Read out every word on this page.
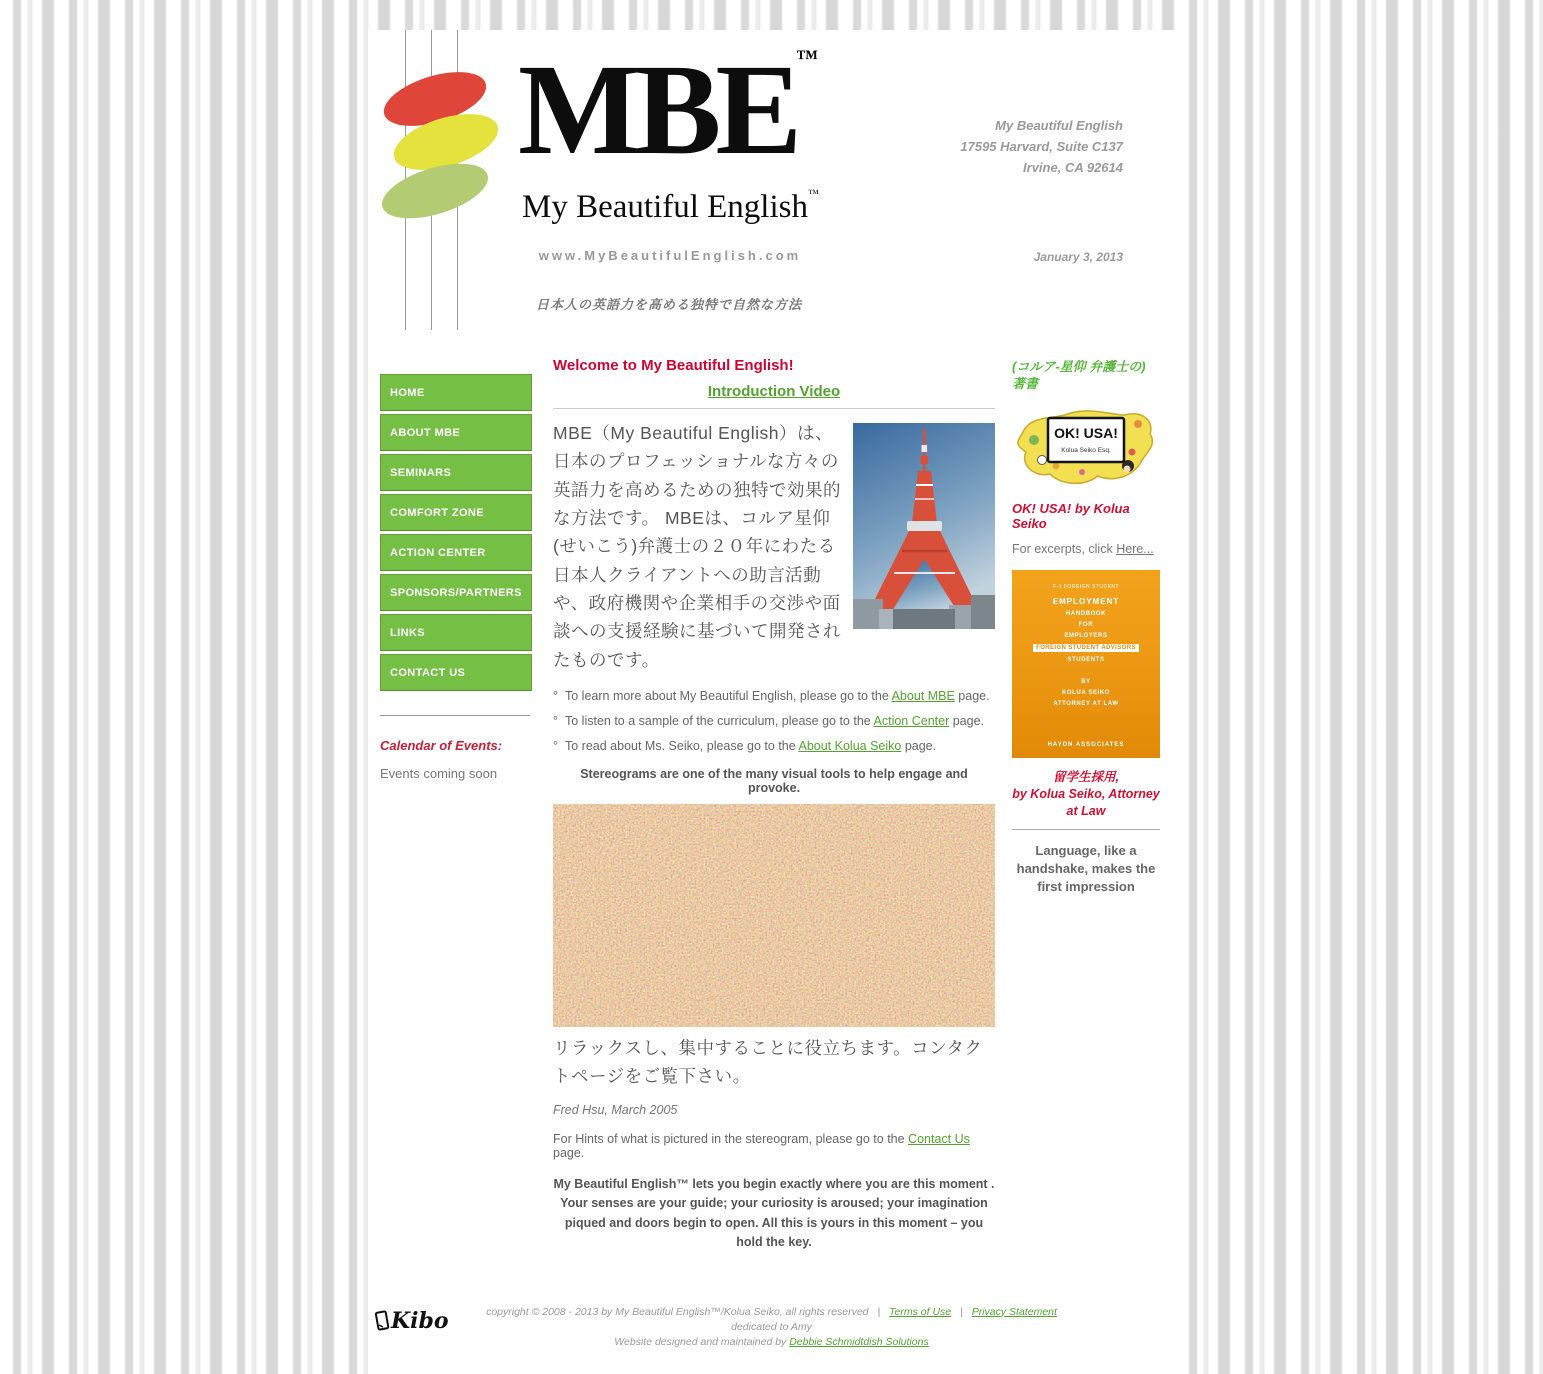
MBE™
My Beautiful English™
www.MyBeautifulEnglish.com
日本人の英語力を高める独特で自然な方法
My Beautiful English
17595 Harvard, Suite C137
Irvine, CA 92614
January 3, 2013
HOME
ABOUT MBE
SEMINARS
COMFORT ZONE
ACTION CENTER
SPONSORS/PARTNERS
LINKS
CONTACT US
Calendar of Events:
Events coming soon
Welcome to My Beautiful English!
Introduction Video
MBE（My Beautiful English）は、日本のプロフェッショナルな方々の英語力を高めるための独特で効果的な方法です。 MBEは、コルア星仰(せいこう)弁護士の２０年にわたる日本人クライアントへの助言活動や、政府機関や企業相手の交渉や面談への支援経験に基づいて開発されたものです。
° To learn more about My Beautiful English, please go to the About MBE page.
° To listen to a sample of the curriculum, please go to the Action Center page.
° To read about Ms. Seiko, please go to the About Kolua Seiko page.
Stereograms are one of the many visual tools to help engage and provoke.
リラックスし、集中することに役立ちます。コンタクトページをご覧下さい。
Fred Hsu, March 2005
For Hints of what is pictured in the stereogram, please go to the Contact Us page.
My Beautiful English™ lets you begin exactly where you are this moment . Your senses are your guide; your curiosity is aroused; your imagination piqued and doors begin to open. All this is yours in this moment – you hold the key.
(コルア-星仰 弁護士の)
著書
OK! USA!
Kolua Seiko Esq.
OK! USA! by Kolua Seiko
For excerpts, click Here...
F-1 FOREIGN STUDENT
EMPLOYMENT
HANDBOOK
FOR
EMPLOYERS
FOREIGN STUDENT ADVISORS
STUDENTS
BY
KOLUA SEIKO
ATTORNEY AT LAW
HAYDN ASSOCIATES
留学生採用,
by Kolua Seiko, Attorney
at Law
Language, like a handshake, makes the first impression
Kibo	copyright © 2008 - 2013 by My Beautiful English™/Kolua Seiko, all rights reserved | Terms of Use | Privacy Statement
dedicated to Amy
Website designed and maintained by Debbie Schmidtdish Solutions
